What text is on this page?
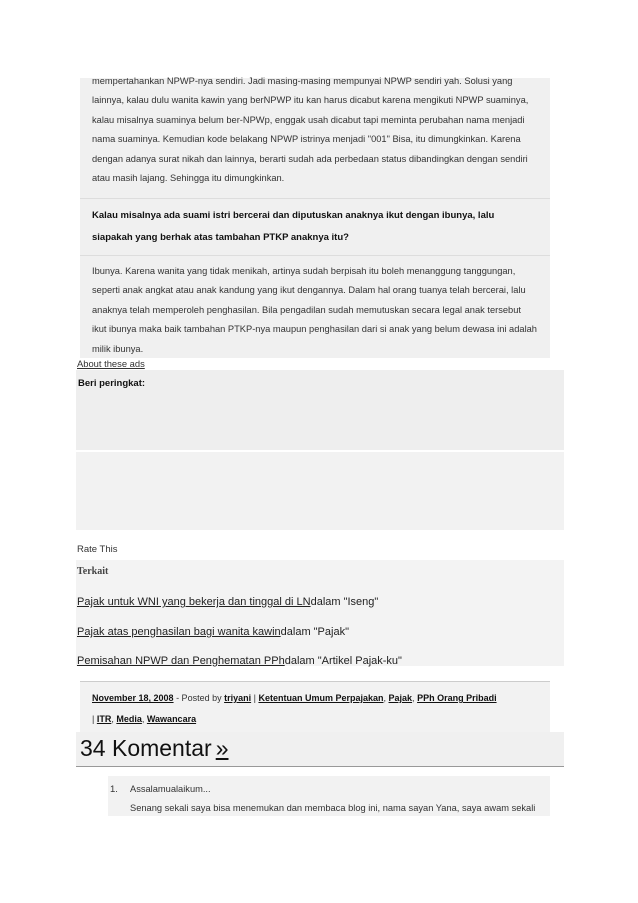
mempertahankan NPWP-nya sendiri. Jadi masing-masing mempunyai NPWP sendiri yah. Solusi yang
lainnya, kalau dulu wanita kawin yang berNPWP itu kan harus dicabut karena mengikuti NPWP suaminya,
kalau misalnya suaminya belum ber-NPWp, enggak usah dicabut tapi meminta perubahan nama menjadi
nama suaminya. Kemudian kode belakang NPWP istrinya menjadi "001" Bisa, itu dimungkinkan. Karena
dengan adanya surat nikah dan lainnya, berarti sudah ada perbedaan status dibandingkan dengan sendiri
atau masih lajang. Sehingga itu dimungkinkan.
Kalau misalnya ada suami istri bercerai dan diputuskan anaknya ikut dengan ibunya, lalu
siapakah yang berhak atas tambahan PTKP anaknya itu?
Ibunya. Karena wanita yang tidak menikah, artinya sudah berpisah itu boleh menanggung tanggungan,
seperti anak angkat atau anak kandung yang ikut dengannya. Dalam hal orang tuanya telah bercerai, lalu
anaknya telah memperoleh penghasilan. Bila pengadilan sudah memutuskan secara legal anak tersebut
ikut ibunya maka baik tambahan PTKP-nya maupun penghasilan dari si anak yang belum dewasa ini adalah
milik ibunya.
About these ads
Beri peringkat:
Rate This
Terkait
Pajak untuk WNI yang bekerja dan tinggal di LNdalam "Iseng"
Pajak atas penghasilan bagi wanita kawindalam "Pajak"
Pemisahan NPWP dan Penghematan PPhdalam "Artikel Pajak-ku"
November 18, 2008 - Posted by triyani | Ketentuan Umum Perpajakan, Pajak, PPh Orang Pribadi
| ITR, Media, Wawancara
34 Komentar »
1. Assalamualaikum...
Senang sekali saya bisa menemukan dan membaca blog ini, nama sayan Yana, saya awam sekali
